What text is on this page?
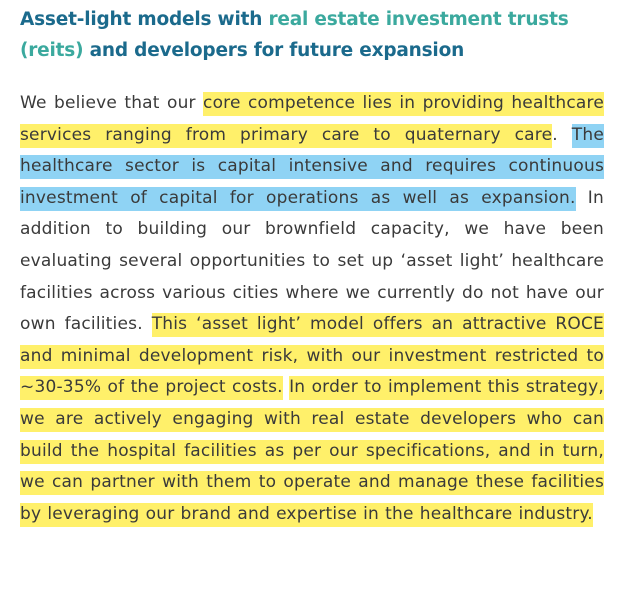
Asset-light models with real estate investment trusts (reits) and developers for future expansion

We believe that our core competence lies in providing healthcare services ranging from primary care to quaternary care. The healthcare sector is capital intensive and requires continuous investment of capital for operations as well as expansion. In addition to building our brownfield capacity, we have been evaluating several opportunities to set up ‘asset light’ healthcare facilities across various cities where we currently do not have our own facilities. This ‘asset light’ model offers an attractive ROCE and minimal development risk, with our investment restricted to ~30-35% of the project costs. In order to implement this strategy, we are actively engaging with real estate developers who can build the hospital facilities as per our specifications, and in turn, we can partner with them to operate and manage these facilities by leveraging our brand and expertise in the healthcare industry.
